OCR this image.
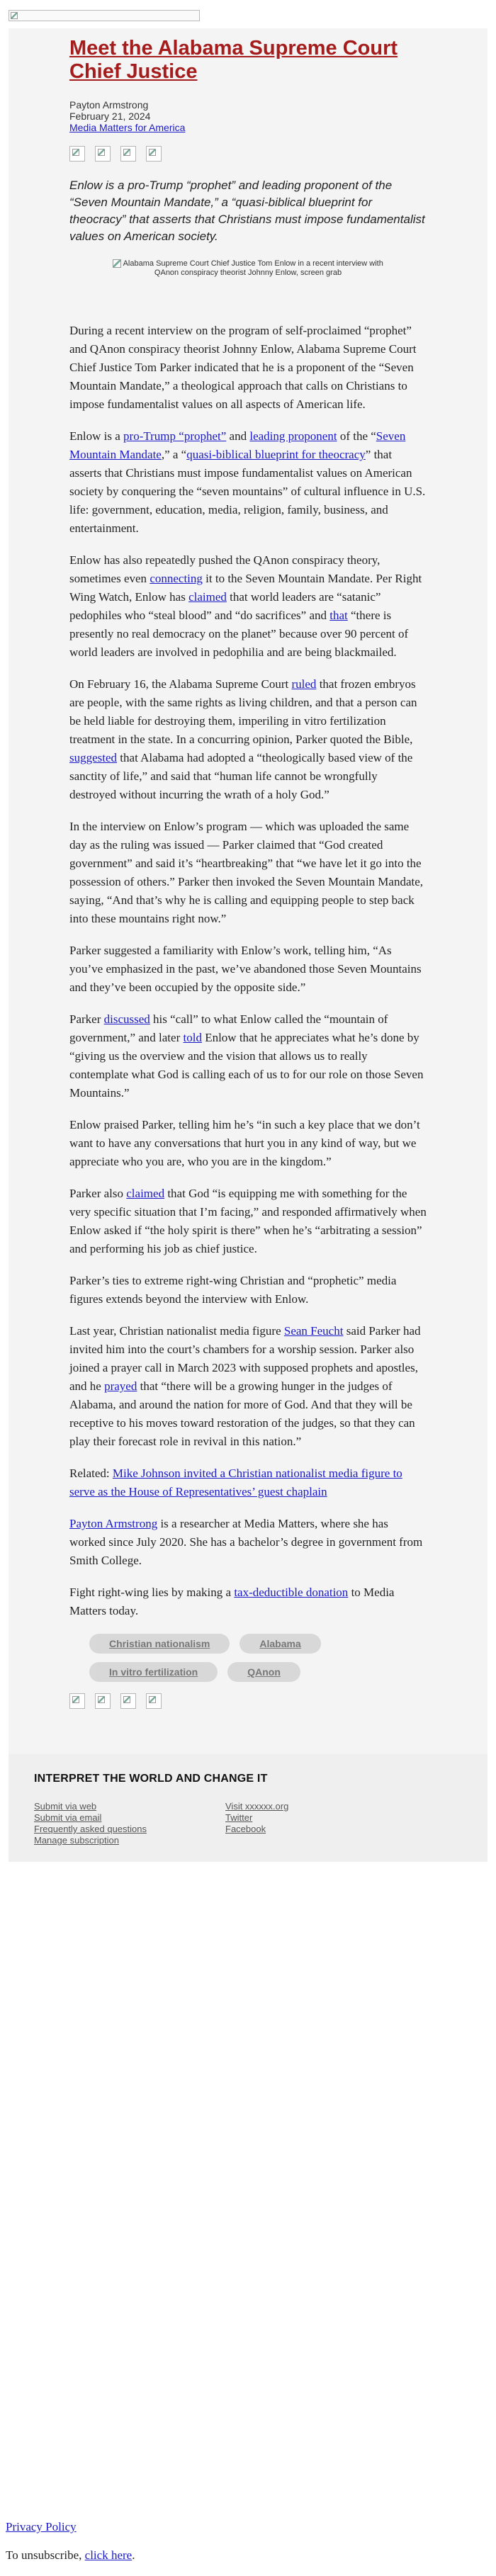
Meet the Alabama Supreme Court Chief Justice
Payton Armstrong
February 21, 2024
Media Matters for America
Enlow is a pro-Trump “prophet” and leading proponent of the “Seven Mountain Mandate,” a “quasi-biblical blueprint for theocracy” that asserts that Christians must impose fundamentalist values on American society.
Alabama Supreme Court Chief Justice Tom Enlow in a recent interview with QAnon conspiracy theorist Johnny Enlow, screen grab

During a recent interview on the program of self-proclaimed “prophet” and QAnon conspiracy theorist Johnny Enlow, Alabama Supreme Court Chief Justice Tom Parker indicated that he is a proponent of the “Seven Mountain Mandate,” a theological approach that calls on Christians to impose fundamentalist values on all aspects of American life.

Enlow is a pro-Trump “prophet” and leading proponent of the “Seven Mountain Mandate,” a “quasi-biblical blueprint for theocracy” that asserts that Christians must impose fundamentalist values on American society by conquering the “seven mountains” of cultural influence in U.S. life: government, education, media, religion, family, business, and entertainment.

Enlow has also repeatedly pushed the QAnon conspiracy theory, sometimes even connecting it to the Seven Mountain Mandate. Per Right Wing Watch, Enlow has claimed that world leaders are “satanic” pedophiles who “steal blood” and “do sacrifices” and that “there is presently no real democracy on the planet” because over 90 percent of world leaders are involved in pedophilia and are being blackmailed.

On February 16, the Alabama Supreme Court ruled that frozen embryos are people, with the same rights as living children, and that a person can be held liable for destroying them, imperiling in vitro fertilization treatment in the state. In a concurring opinion, Parker quoted the Bible, suggested that Alabama had adopted a “theologically based view of the sanctity of life,” and said that “human life cannot be wrongfully destroyed without incurring the wrath of a holy God.”

In the interview on Enlow’s program — which was uploaded the same day as the ruling was issued — Parker claimed that “God created government” and said it’s “heartbreaking” that “we have let it go into the possession of others.” Parker then invoked the Seven Mountain Mandate, saying, “And that’s why he is calling and equipping people to step back into these mountains right now.”

Parker suggested a familiarity with Enlow’s work, telling him, “As you’ve emphasized in the past, we’ve abandoned those Seven Mountains and they’ve been occupied by the opposite side.”

Parker discussed his “call” to what Enlow called the “mountain of government,” and later told Enlow that he appreciates what he’s done by “giving us the overview and the vision that allows us to really contemplate what God is calling each of us to for our role on those Seven Mountains.”

Enlow praised Parker, telling him he’s “in such a key place that we don’t want to have any conversations that hurt you in any kind of way, but we appreciate who you are, who you are in the kingdom.”

Parker also claimed that God “is equipping me with something for the very specific situation that I’m facing,” and responded affirmatively when Enlow asked if “the holy spirit is there” when he’s “arbitrating a session” and performing his job as chief justice.

Parker’s ties to extreme right-wing Christian and “prophetic” media figures extends beyond the interview with Enlow.

Last year, Christian nationalist media figure Sean Feucht said Parker had invited him into the court’s chambers for a worship session. Parker also joined a prayer call in March 2023 with supposed prophets and apostles, and he prayed that “there will be a growing hunger in the judges of Alabama, and around the nation for more of God. And that they will be receptive to his moves toward restoration of the judges, so that they can play their forecast role in revival in this nation.”

Related: Mike Johnson invited a Christian nationalist media figure to serve as the House of Representatives’ guest chaplain

Payton Armstrong is a researcher at Media Matters, where she has worked since July 2020. She has a bachelor’s degree in government from Smith College.

Fight right-wing lies by making a tax-deductible donation to Media Matters today.

Christian nationalism	Alabama
In vitro fertilization	QAnon
INTERPRET THE WORLD AND CHANGE IT
Submit via web
Submit via email
Frequently asked questions
Manage subscription
Visit xxxxxx.org
Twitter
Facebook

Privacy Policy

To unsubscribe, click here.
